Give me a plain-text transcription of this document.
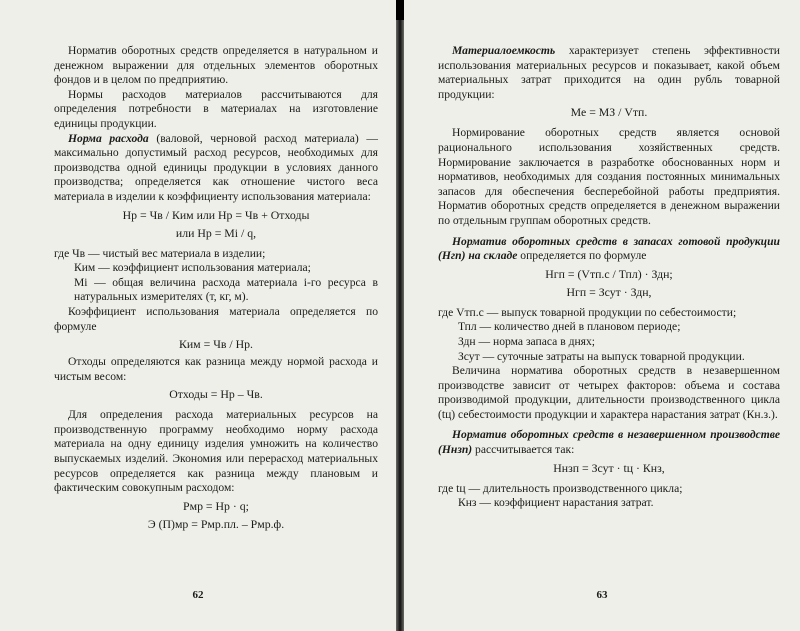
Норматив оборотных средств определяется в натуральном и денежном выражении для отдельных элементов оборотных фондов и в целом по предприятию.

Нормы расходов материалов рассчитываются для определения потребности в материалах на изготовление единицы продукции.

Норма расхода (валовой, черновой расход материала) — максимально допустимый расход ресурсов, необходимых для производства одной единицы продукции в условиях данного производства; определяется как отношение чистого веса материала в изделии к коэффициенту использования материала:

Нр = Чв / Ким или Нр = Чв + Отходы
или Нр = Mi / q,

где Чв — чистый вес материала в изделии;

Ким — коэффициент использования материала;

Mi — общая величина расхода материала i-го ресурса в натуральных измерителях (т, кг, м).

Коэффициент использования материала определяется по формуле

Ким = Чв / Нр.

Отходы определяются как разница между нормой расхода и чистым весом:

Отходы = Нр – Чв.

Для определения расхода материальных ресурсов на производственную программу необходимо норму расхода материала на одну единицу изделия умножить на количество выпускаемых изделий. Экономия или перерасход материальных ресурсов определяется как разница между плановым и фактическим совокупным расходом:

Рмр = Нр · q;
Э (П)мр = Рмр.пл. – Рмр.ф.
62

Материалоемкость характеризует степень эффективности использования материальных ресурсов и показывает, какой объем материальных затрат приходится на один рубль товарной продукции:

Ме = МЗ / Vтп.

Нормирование оборотных средств является основой рационального использования хозяйственных средств. Нормирование заключается в разработке обоснованных норм и нормативов, необходимых для создания постоянных минимальных запасов для обеспечения бесперебойной работы предприятия. Норматив оборотных средств определяется в денежном выражении по отдельным группам оборотных средств.

Норматив оборотных средств в запасах готовой продукции (Нгп) на складе определяется по формуле

Нгп = (Vтп.с / Тпл) · Здн;
Нгп = Зсут · Здн,

где Vтп.с — выпуск товарной продукции по себестоимости;

Тпл — количество дней в плановом периоде;

Здн — норма запаса в днях;

Зсут — суточные затраты на выпуск товарной продукции.

Величина норматива оборотных средств в незавершенном производстве зависит от четырех факторов: объема и состава производимой продукции, длительности производственного цикла (tц) себестоимости продукции и характера нарастания затрат (Кн.з.).

Норматив оборотных средств в незавершенном производстве (Ннзп) рассчитывается так:

Ннзп = Зсут · tц · Кнз,

где tц — длительность производственного цикла;

Кнз — коэффициент нарастания затрат.

63
